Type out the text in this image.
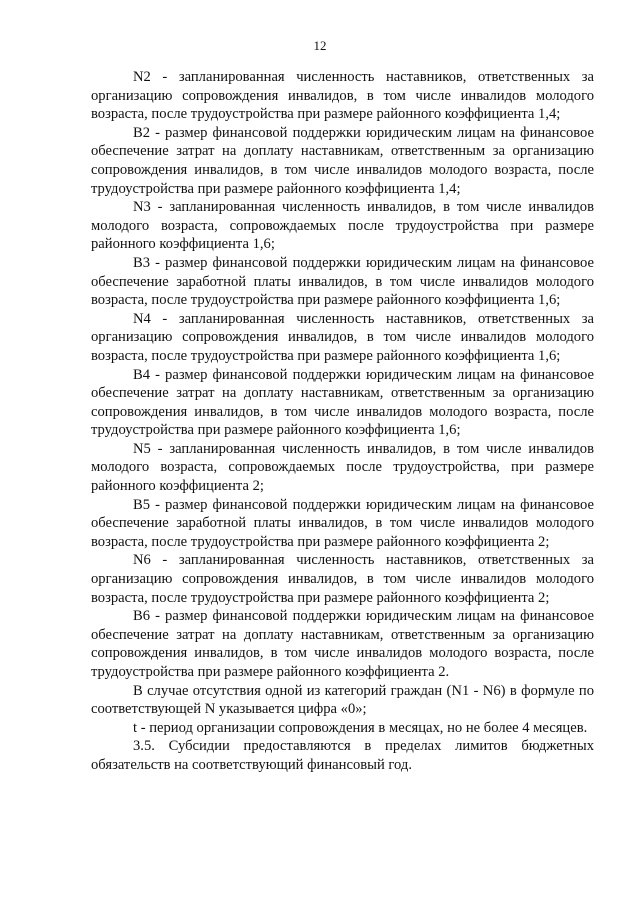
12

N2 - запланированная численность наставников, ответственных за организацию сопровождения инвалидов, в том числе инвалидов молодого возраста, после трудоустройства при размере районного коэффициента 1,4;

B2 - размер финансовой поддержки юридическим лицам на финансовое обеспечение затрат на доплату наставникам, ответственным за организацию сопровождения инвалидов, в том числе инвалидов молодого возраста, после трудоустройства при размере районного коэффициента 1,4;

N3 - запланированная численность инвалидов, в том числе инвалидов молодого возраста, сопровождаемых после трудоустройства при размере районного коэффициента 1,6;

B3 - размер финансовой поддержки юридическим лицам на финансовое обеспечение заработной платы инвалидов, в том числе инвалидов молодого возраста, после трудоустройства при размере районного коэффициента 1,6;

N4 - запланированная численность наставников, ответственных за организацию сопровождения инвалидов, в том числе инвалидов молодого возраста, после трудоустройства при размере районного коэффициента 1,6;

B4 - размер финансовой поддержки юридическим лицам на финансовое обеспечение затрат на доплату наставникам, ответственным за организацию сопровождения инвалидов, в том числе инвалидов молодого возраста, после трудоустройства при размере районного коэффициента 1,6;

N5 - запланированная численность инвалидов, в том числе инвалидов молодого возраста, сопровождаемых после трудоустройства, при размере районного коэффициента 2;

B5 - размер финансовой поддержки юридическим лицам на финансовое обеспечение заработной платы инвалидов, в том числе инвалидов молодого возраста, после трудоустройства при размере районного коэффициента 2;

N6 - запланированная численность наставников, ответственных за организацию сопровождения инвалидов, в том числе инвалидов молодого возраста, после трудоустройства при размере районного коэффициента 2;

B6 - размер финансовой поддержки юридическим лицам на финансовое обеспечение затрат на доплату наставникам, ответственным за организацию сопровождения инвалидов, в том числе инвалидов молодого возраста, после трудоустройства при размере районного коэффициента 2.

В случае отсутствия одной из категорий граждан (N1 - N6) в формуле по соответствующей N указывается цифра «0»;

t - период организации сопровождения в месяцах, но не более 4 месяцев.

3.5. Субсидии предоставляются в пределах лимитов бюджетных обязательств на соответствующий финансовый год.
